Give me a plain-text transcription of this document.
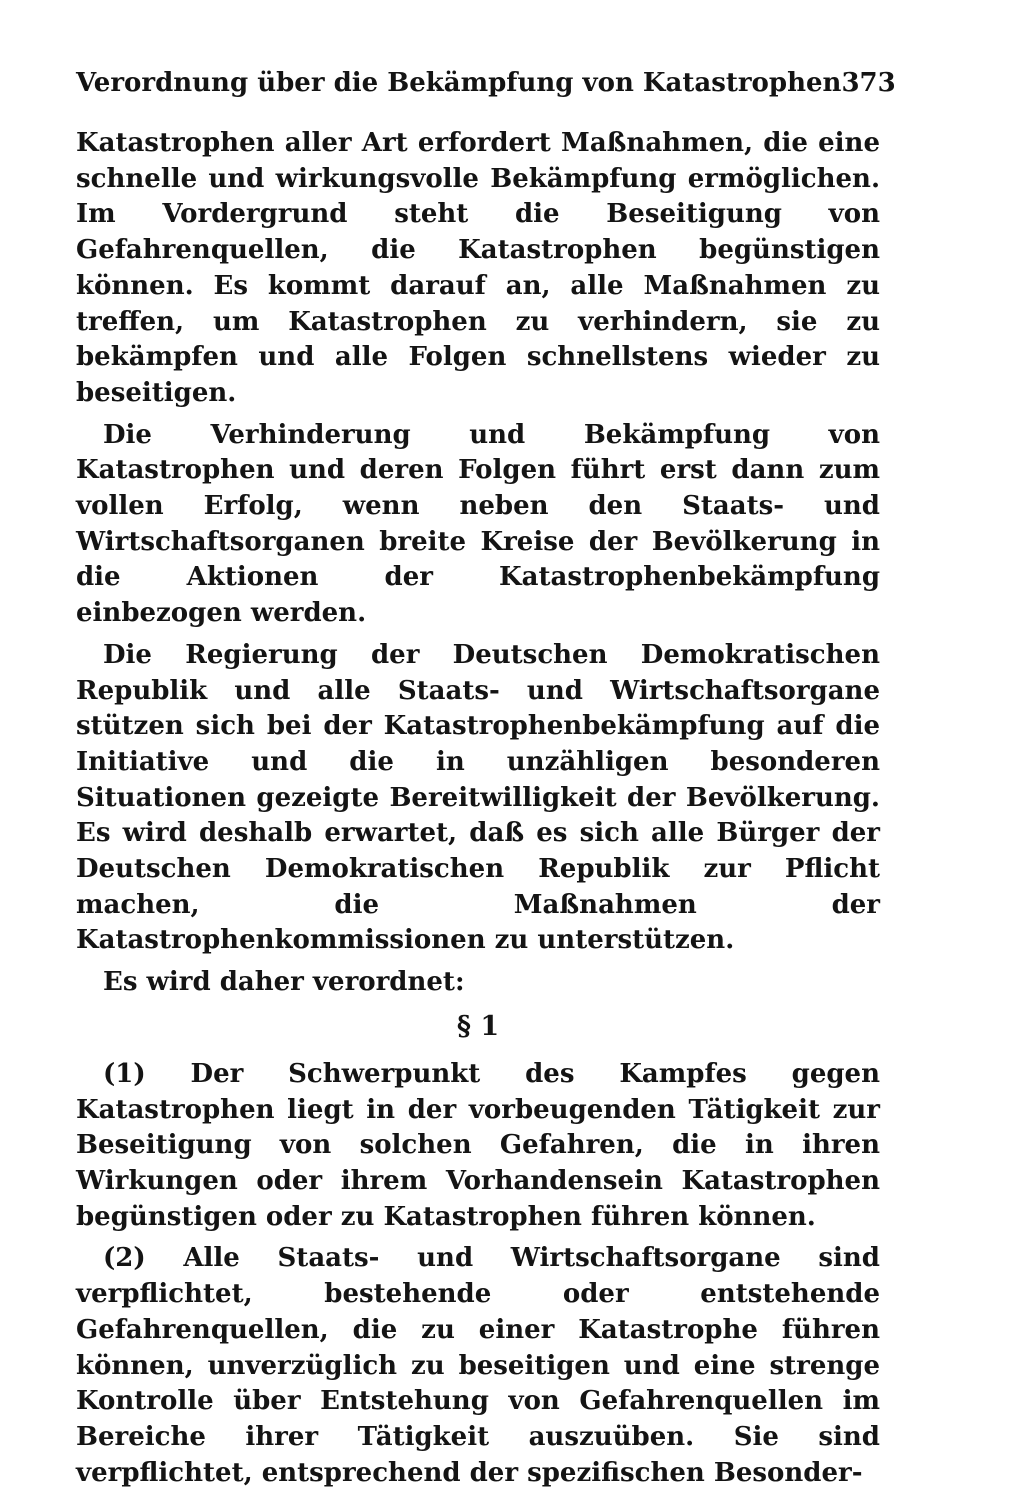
Verordnung über die Bekämpfung von Katastrophen 373

Katastrophen aller Art erfordert Maßnahmen, die eine schnelle und wirkungsvolle Bekämpfung ermöglichen. Im Vordergrund steht die Beseitigung von Gefahrenquellen, die Katastrophen begünstigen können. Es kommt darauf an, alle Maßnahmen zu treffen, um Katastrophen zu verhindern, sie zu bekämpfen und alle Folgen schnellstens wieder zu beseitigen.

Die Verhinderung und Bekämpfung von Katastrophen und deren Folgen führt erst dann zum vollen Erfolg, wenn neben den Staats- und Wirtschaftsorganen breite Kreise der Bevölkerung in die Aktionen der Katastrophenbekämpfung einbezogen werden.

Die Regierung der Deutschen Demokratischen Republik und alle Staats- und Wirtschaftsorgane stützen sich bei der Katastrophenbekämpfung auf die Initiative und die in unzähligen besonderen Situationen gezeigte Bereitwilligkeit der Bevölkerung. Es wird deshalb erwartet, daß es sich alle Bürger der Deutschen Demokratischen Republik zur Pflicht machen, die Maßnahmen der Katastrophenkommissionen zu unterstützen.

Es wird daher verordnet:

§ 1

(1) Der Schwerpunkt des Kampfes gegen Katastrophen liegt in der vorbeugenden Tätigkeit zur Beseitigung von solchen Gefahren, die in ihren Wirkungen oder ihrem Vorhandensein Katastrophen begünstigen oder zu Katastrophen führen können.

(2) Alle Staats- und Wirtschaftsorgane sind verpflichtet, bestehende oder entstehende Gefahrenquellen, die zu einer Katastrophe führen können, unverzüglich zu beseitigen und eine strenge Kontrolle über Entstehung von Gefahrenquellen im Bereiche ihrer Tätigkeit auszuüben. Sie sind verpflichtet, entsprechend der spezifischen Besonder-
